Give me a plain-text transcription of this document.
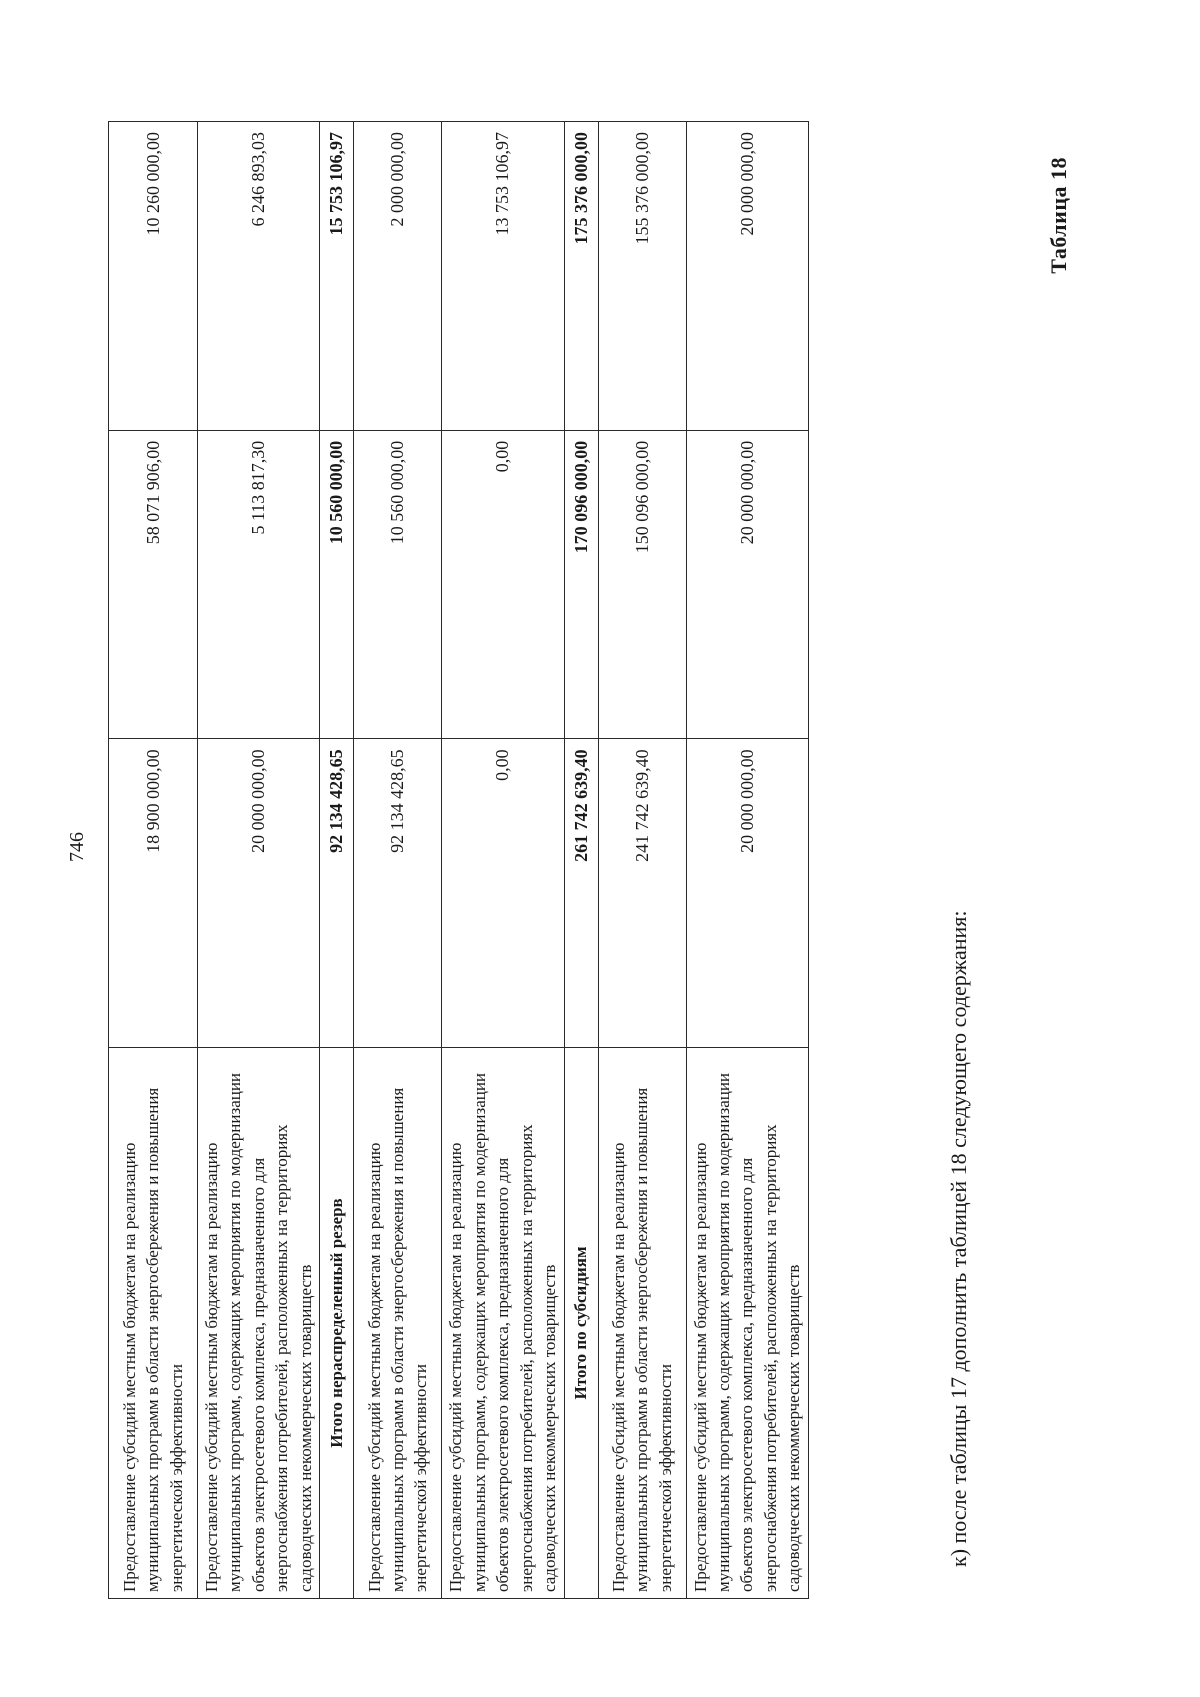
746
Предоставление субсидий местным бюджетам на реализацию муниципальных программ в области энергосбережения и повышения энергетической эффективности	18 900 000,00	58 071 906,00	10 260 000,00
Предоставление субсидий местным бюджетам на реализацию муниципальных программ, содержащих мероприятия по модернизации объектов электросетевого комплекса, предназначенного для энергоснабжения потребителей, расположенных на территориях садоводческих некоммерческих товариществ	20 000 000,00	5 113 817,30	6 246 893,03
Итого нераспределенный резерв	92 134 428,65	10 560 000,00	15 753 106,97
Предоставление субсидий местным бюджетам на реализацию муниципальных программ в области энергосбережения и повышения энергетической эффективности	92 134 428,65	10 560 000,00	2 000 000,00
Предоставление субсидий местным бюджетам на реализацию муниципальных программ, содержащих мероприятия по модернизации объектов электросетевого комплекса, предназначенного для энергоснабжения потребителей, расположенных на территориях садоводческих некоммерческих товариществ	0,00	0,00	13 753 106,97
Итого по субсидиям	261 742 639,40	170 096 000,00	175 376 000,00
Предоставление субсидий местным бюджетам на реализацию муниципальных программ в области энергосбережения и повышения энергетической эффективности	241 742 639,40	150 096 000,00	155 376 000,00
Предоставление субсидий местным бюджетам на реализацию муниципальных программ, содержащих мероприятия по модернизации объектов электросетевого комплекса, предназначенного для энергоснабжения потребителей, расположенных на территориях садоводческих некоммерческих товариществ	20 000 000,00	20 000 000,00	20 000 000,00
к) после таблицы 17 дополнить таблицей 18 следующего содержания:
Таблица 18
